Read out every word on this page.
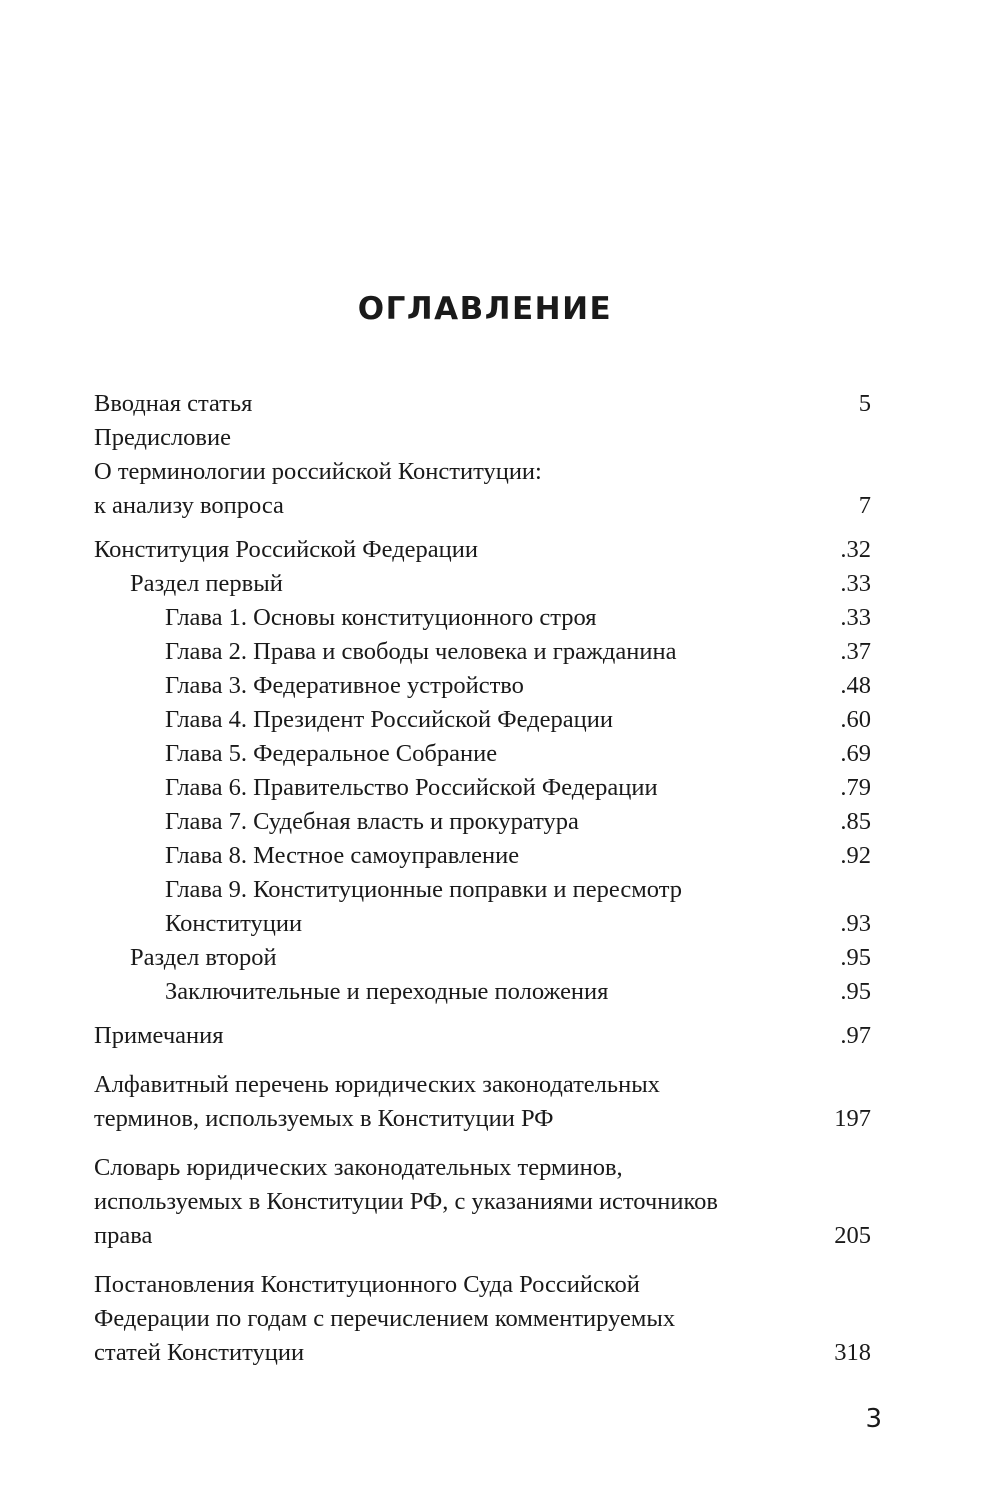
ОГЛАВЛЕНИЕ
Вводная статья	5
Предисловие
О терминологии российской Конституции:
к анализу вопроса	7
Конституция Российской Федерации	.32
Раздел первый	.33
Глава 1. Основы конституционного строя	.33
Глава 2. Права и свободы человека и гражданина	.37
Глава 3. Федеративное устройство	.48
Глава 4. Президент Российской Федерации	.60
Глава 5. Федеральное Собрание	.69
Глава 6. Правительство Российской Федерации	.79
Глава 7. Судебная власть и прокуратура	.85
Глава 8. Местное самоуправление	.92
Глава 9. Конституционные поправки и пересмотр
Конституции	.93
Раздел второй	.95
Заключительные и переходные положения	.95
Примечания	.97
Алфавитный перечень юридических законодательных
терминов, используемых в Конституции РФ	197
Словарь юридических законодательных терминов,
используемых в Конституции РФ, с указаниями источников
права	205
Постановления Конституционного Суда Российской
Федерации по годам с перечислением комментируемых
статей Конституции	318
3
